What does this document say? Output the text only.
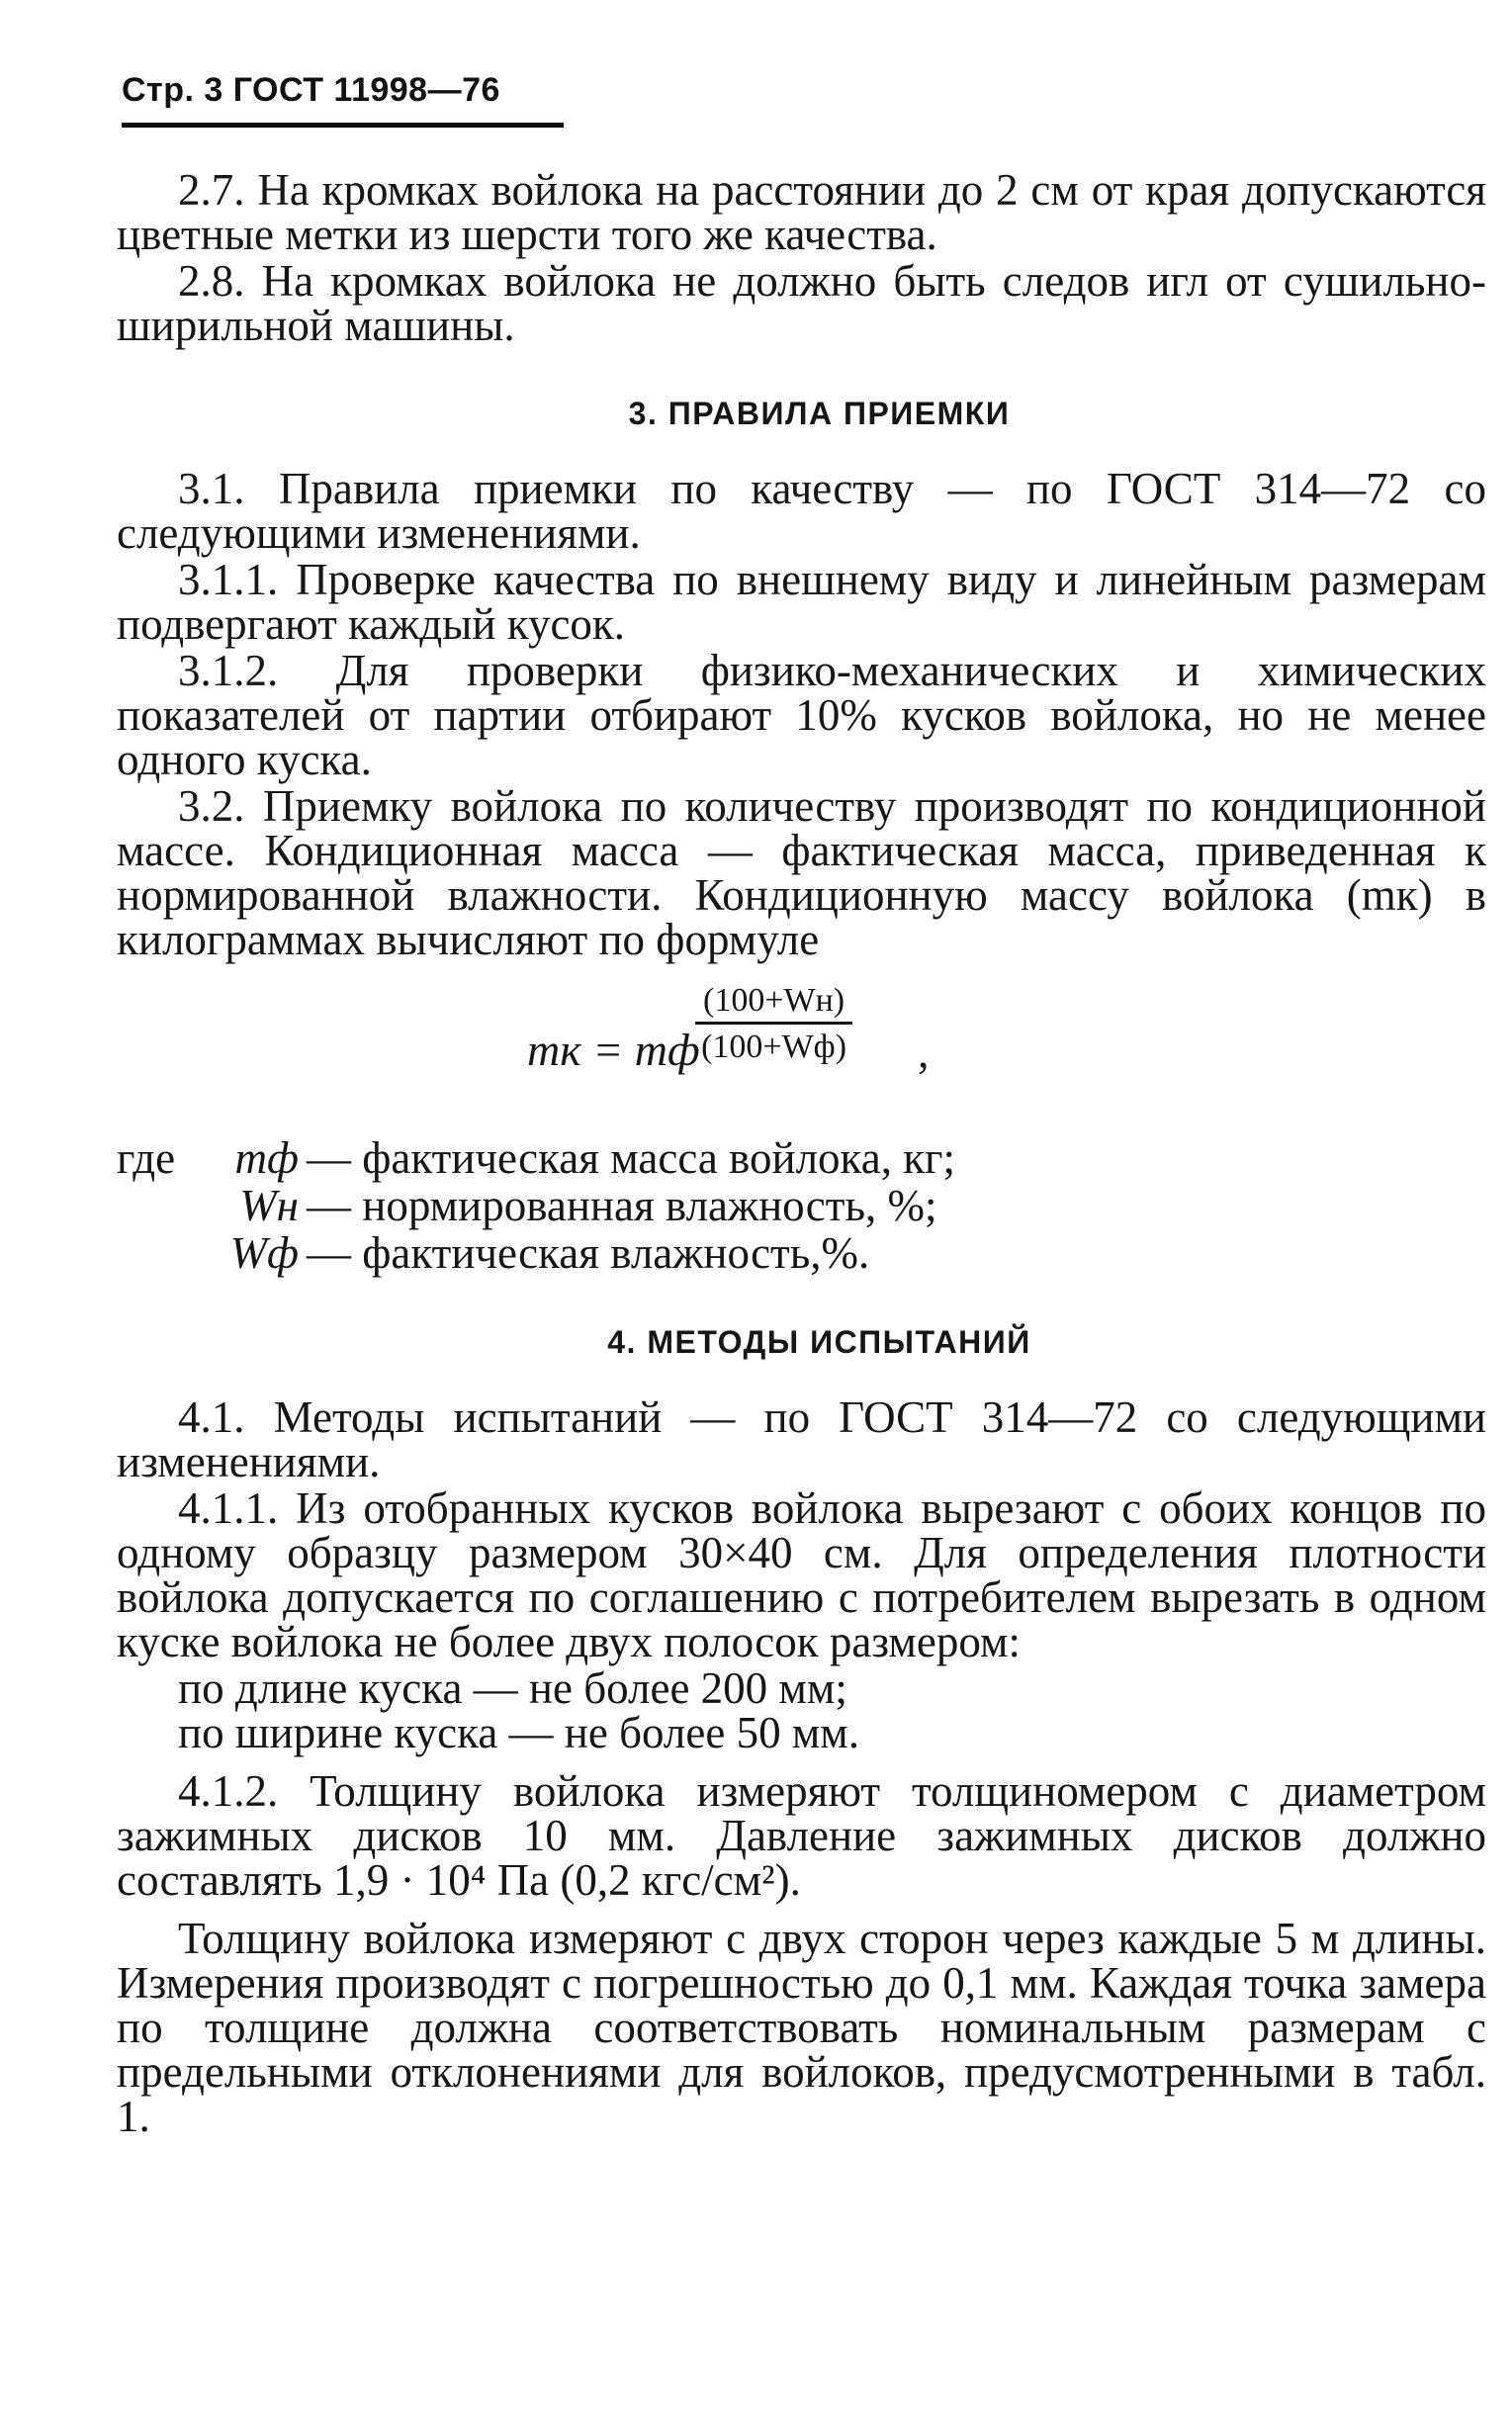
Стр. 3 ГОСТ 11998—76

2.7. На кромках войлока на расстоянии до 2 см от края допускаются цветные метки из шерсти того же качества.

2.8. На кромках войлока не должно быть следов игл от сушильно-ширильной машины.

3. ПРАВИЛА ПРИЕМКИ

3.1. Правила приемки по качеству — по ГОСТ 314—72 со следующими изменениями.

3.1.1. Проверке качества по внешнему виду и линейным размерам подвергают каждый кусок.

3.1.2. Для проверки физико-механических и химических показателей от партии отбирают 10% кусков войлока, но не менее одного куска.

3.2. Приемку войлока по количеству производят по кондиционной массе. Кондиционная масса — фактическая масса, приведенная к нормированной влажности. Кондиционную массу войлока (mк) в килограммах вычисляют по формуле

mк = mф
(100+Wн)
(100+Wф) ,
где	mф — фактическая масса войлока, кг;
Wн — нормированная влажность, %;
Wф — фактическая влажность,%.
4. МЕТОДЫ ИСПЫТАНИЙ

4.1. Методы испытаний — по ГОСТ 314—72 со следующими изменениями.

4.1.1. Из отобранных кусков войлока вырезают с обоих концов по одному образцу размером 30×40 см. Для определения плотности войлока допускается по соглашению с потребителем вырезать в одном куске войлока не более двух полосок размером:

по длине куска — не более 200 мм;
по ширине куска — не более 50 мм.

4.1.2. Толщину войлока измеряют толщиномером с диаметром зажимных дисков 10 мм. Давление зажимных дисков должно составлять 1,9 · 10⁴ Па (0,2 кгс/см²).

Толщину войлока измеряют с двух сторон через каждые 5 м длины. Измерения производят с погрешностью до 0,1 мм. Каждая точка замера по толщине должна соответствовать номинальным размерам с предельными отклонениями для войлоков, предусмотренными в табл. 1.
